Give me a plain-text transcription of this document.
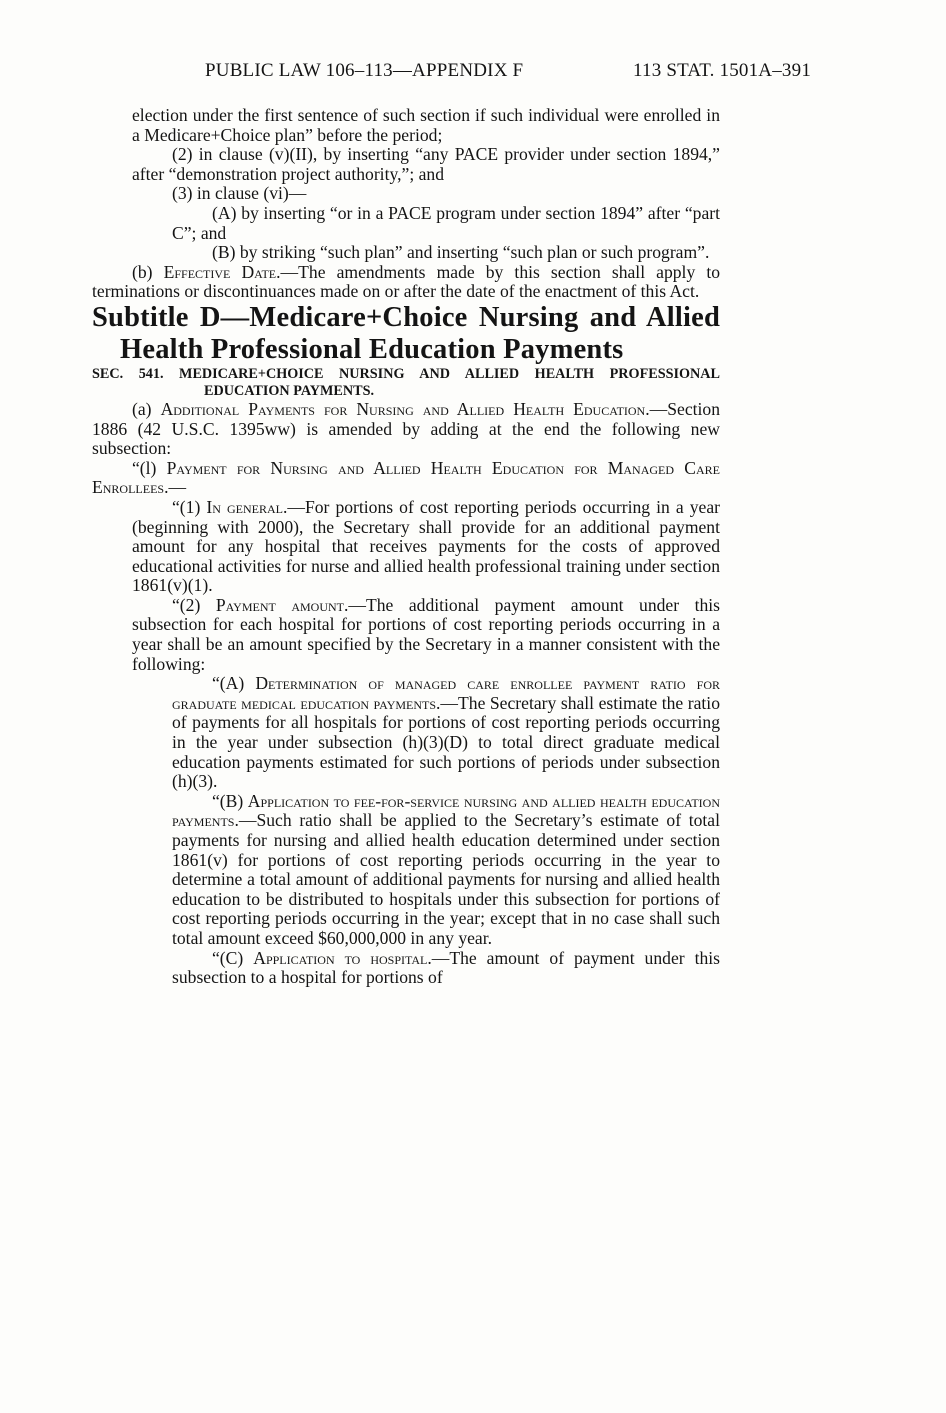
PUBLIC LAW 106–113—APPENDIX F	113 STAT. 1501A–391

election under the first sentence of such section if such individual were enrolled in a Medicare+Choice plan” before the period;

(2) in clause (v)(II), by inserting “any PACE provider under section 1894,” after “demonstration project authority,”; and

(3) in clause (vi)—

(A) by inserting “or in a PACE program under section 1894” after “part C”; and

(B) by striking “such plan” and inserting “such plan or such program”.

(b) Effective Date.—The amendments made by this section shall apply to terminations or discontinuances made on or after the date of the enactment of this Act.

Subtitle D—Medicare+Choice Nursing and Allied Health Professional Education Payments

SEC. 541. MEDICARE+CHOICE NURSING AND ALLIED HEALTH PROFESSIONAL EDUCATION PAYMENTS.

(a) Additional Payments for Nursing and Allied Health Education.—Section 1886 (42 U.S.C. 1395ww) is amended by adding at the end the following new subsection:

“(l) Payment for Nursing and Allied Health Education for Managed Care Enrollees.—

“(1) In general.—For portions of cost reporting periods occurring in a year (beginning with 2000), the Secretary shall provide for an additional payment amount for any hospital that receives payments for the costs of approved educational activities for nurse and allied health professional training under section 1861(v)(1).

“(2) Payment amount.—The additional payment amount under this subsection for each hospital for portions of cost reporting periods occurring in a year shall be an amount specified by the Secretary in a manner consistent with the following:

“(A) Determination of managed care enrollee payment ratio for graduate medical education payments.—The Secretary shall estimate the ratio of payments for all hospitals for portions of cost reporting periods occurring in the year under subsection (h)(3)(D) to total direct graduate medical education payments estimated for such portions of periods under subsection (h)(3).

“(B) Application to fee-for-service nursing and allied health education payments.—Such ratio shall be applied to the Secretary’s estimate of total payments for nursing and allied health education determined under section 1861(v) for portions of cost reporting periods occurring in the year to determine a total amount of additional payments for nursing and allied health education to be distributed to hospitals under this subsection for portions of cost reporting periods occurring in the year; except that in no case shall such total amount exceed $60,000,000 in any year.

“(C) Application to hospital.—The amount of payment under this subsection to a hospital for portions of
